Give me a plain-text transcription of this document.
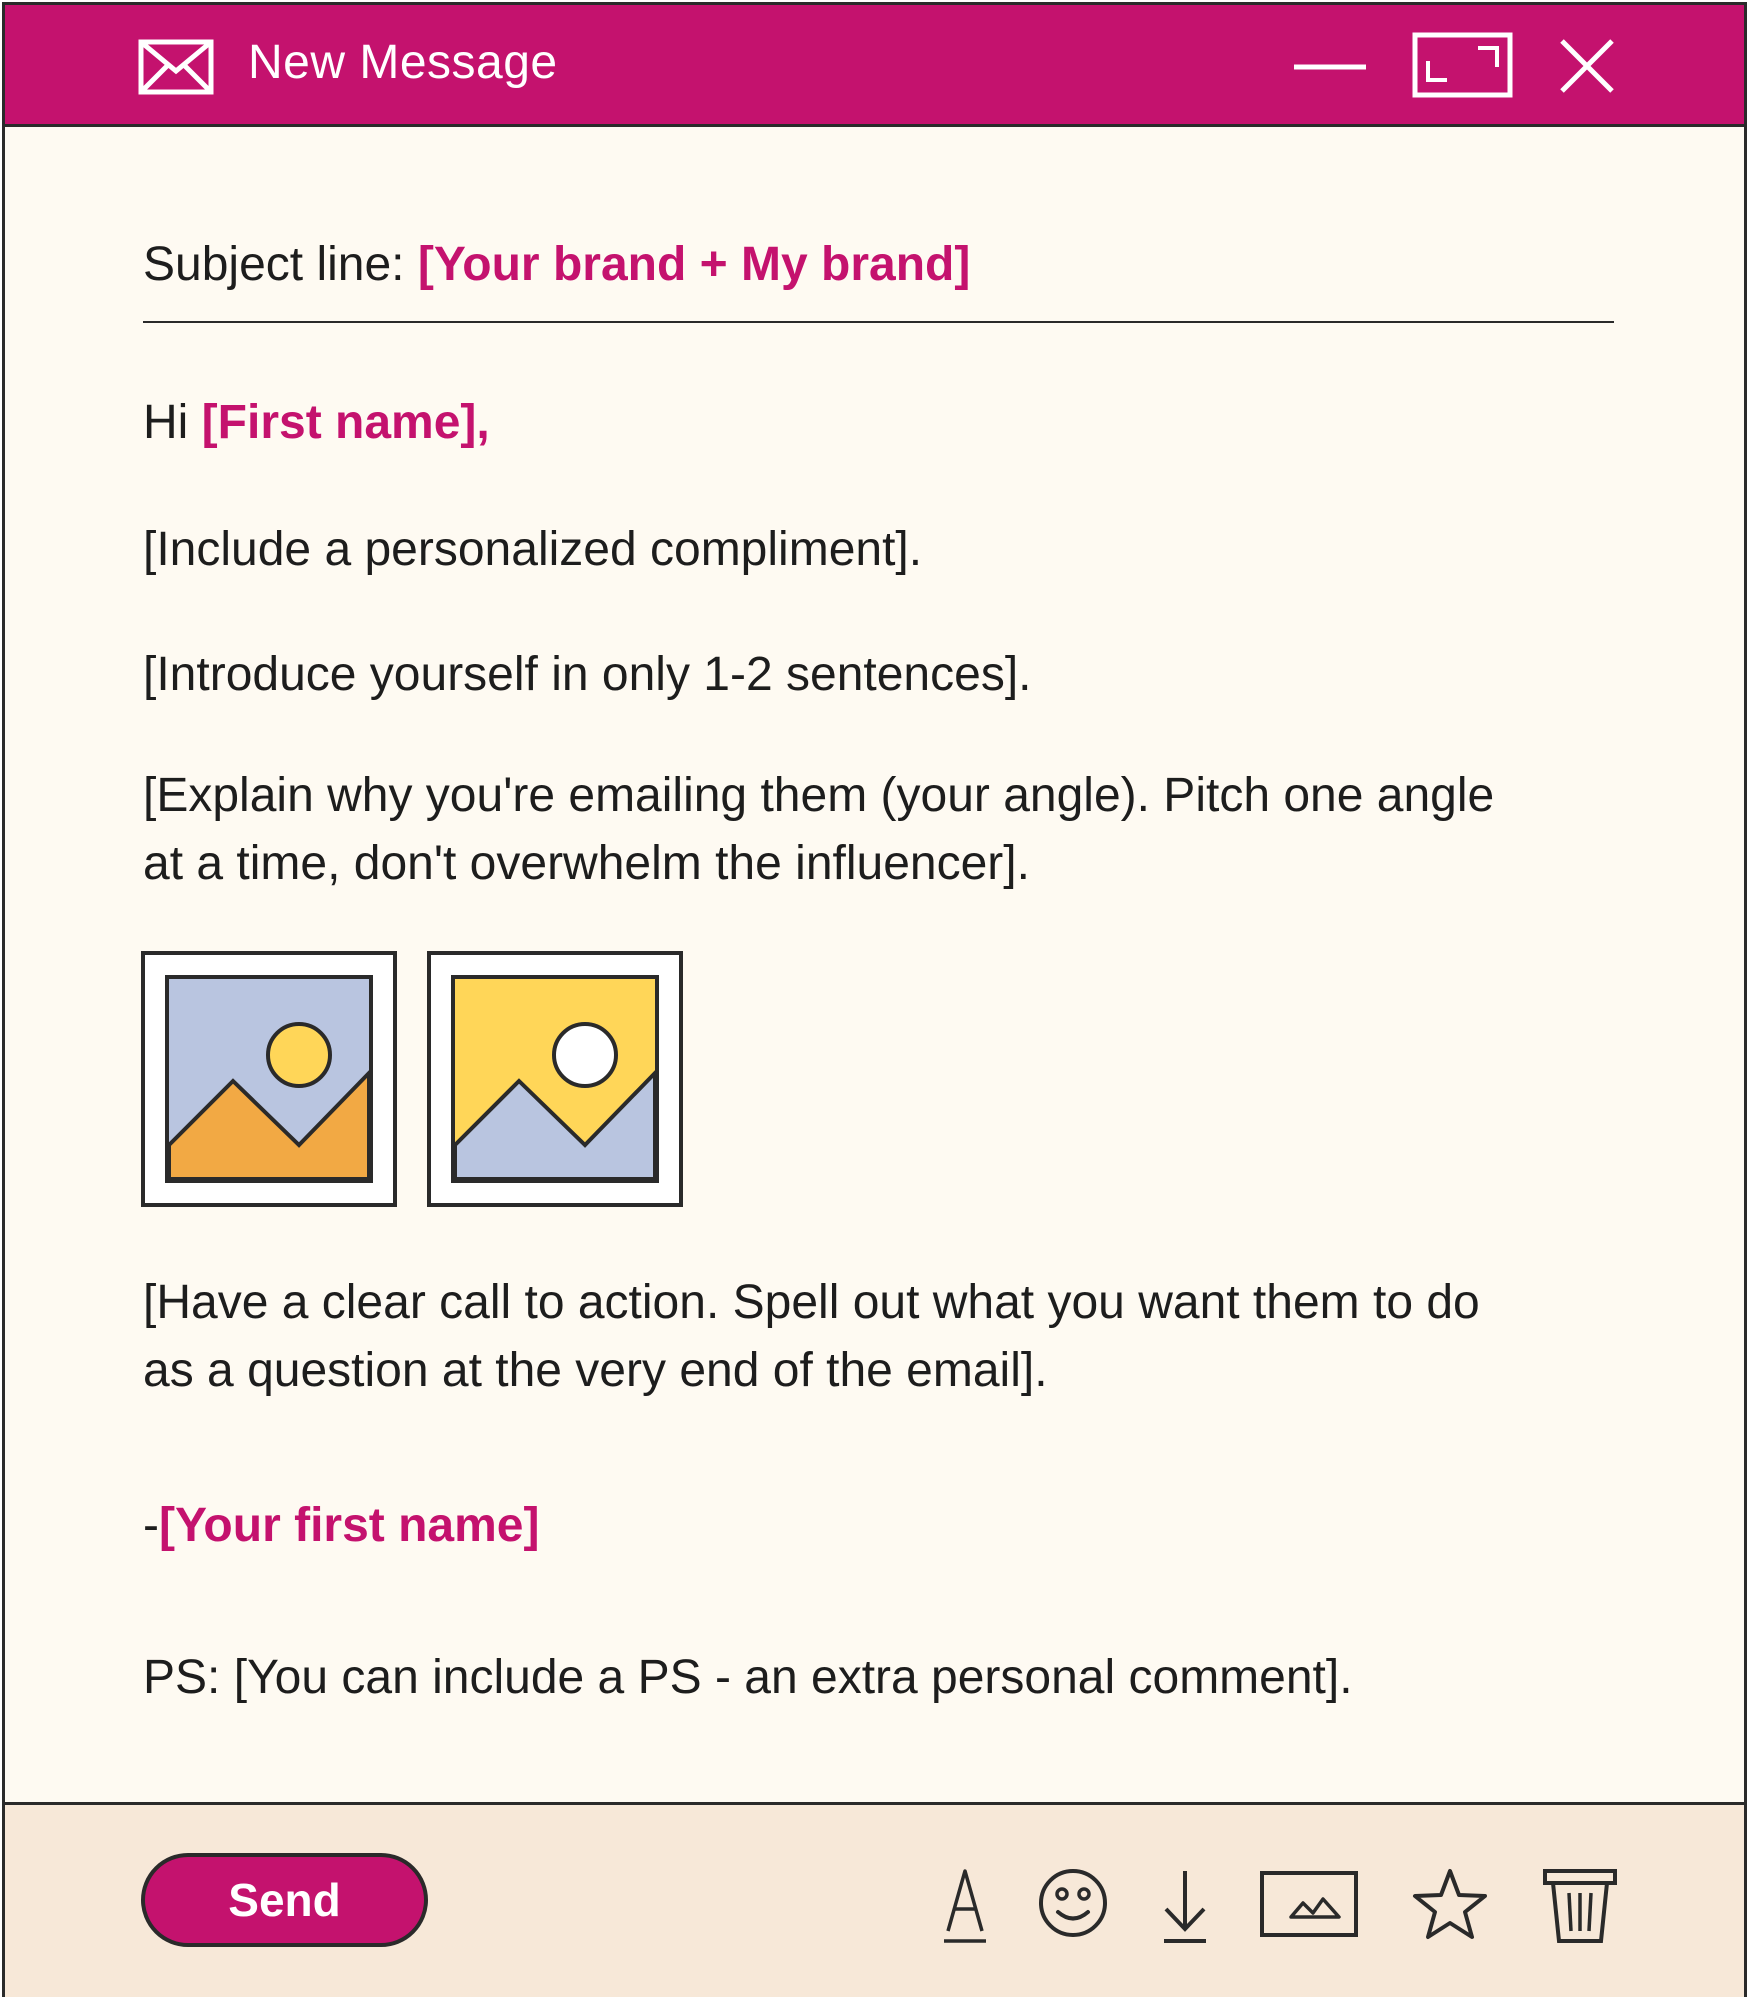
New Message
Subject line: [Your brand + My brand]
Hi [First name],
[Include a personalized compliment].
[Introduce yourself in only 1-2 sentences].
[Explain why you're emailing them (your angle). Pitch one angle
at a time, don't overwhelm the influencer].
[Have a clear call to action. Spell out what you want them to do
as a question at the very end of the email].
-[Your first name]
PS: [You can include a PS - an extra personal comment].
Send
